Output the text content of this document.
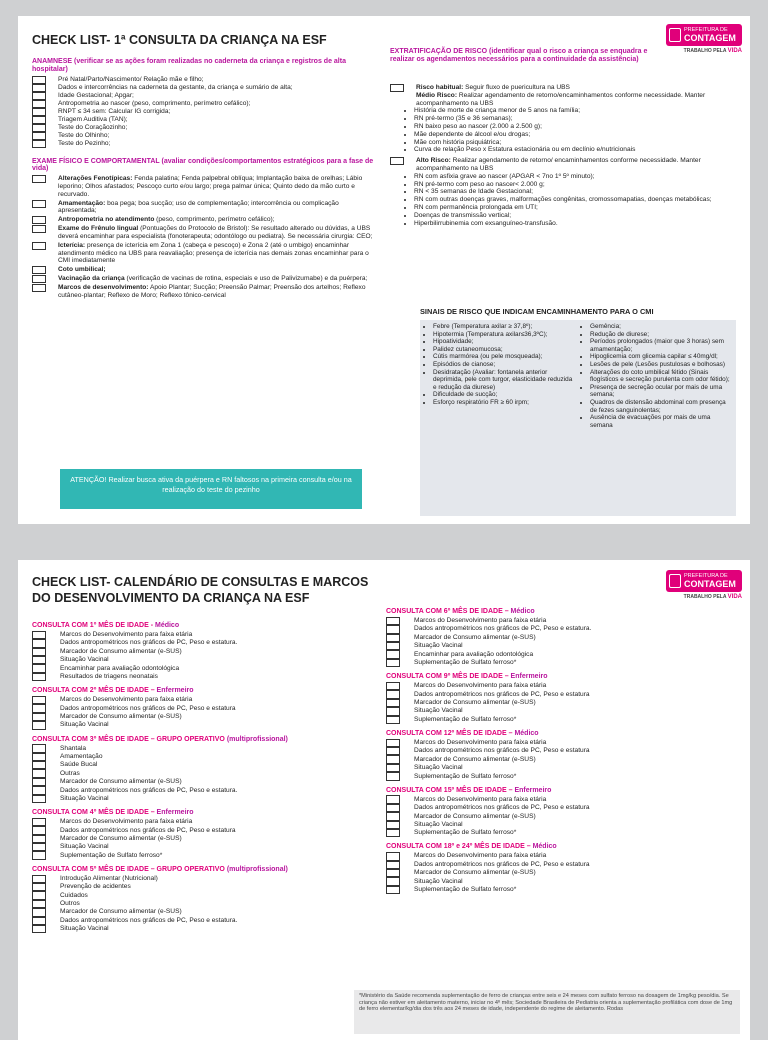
CHECK LIST- 1ª CONSULTA DA CRIANÇA NA ESF
PREFEITURA DE
CONTAGEM
TRABALHO PELA VIDA
ANAMNESE (verificar se as ações foram realizadas no caderneta da criança e registros de alta hospitalar)
Pré Natal/Parto/Nascimento/ Relação mãe e filho;
Dados e intercorrências na caderneta da gestante, da criança e sumário de alta;
Idade Gestacional; Apgar;
Antropometria ao nascer (peso, comprimento, perímetro cefálico);
RNPT ≤ 34 sem: Calcular IG corrigida;
Triagem Auditiva (TAN);
Teste do Coraçãozinho;
Teste do Olhinho;
Teste do Pezinho;
EXAME FÍSICO E COMPORTAMENTAL (avaliar condições/comportamentos estratégicos para a fase de vida)
Alterações Fenotípicas: Fenda palatina; Fenda palpebral oblíqua; Implantação baixa de orelhas; Lábio leporino; Olhos afastados; Pescoço curto e/ou largo; prega palmar única; Quinto dedo da mão curto e recurvado.
Amamentação: boa pega; boa sucção; uso de complementação; intercorrência ou complicação apresentada;
Antropometria no atendimento (peso, comprimento, perímetro cefálico);
Exame do Frênulo lingual (Pontuações do Protocolo de Bristol): Se resultado alterado ou dúvidas, a UBS deverá encaminhar para especialista (fonoterapeuta; odontólogo ou pediatra). Se necessária cirurgia: CEO;
Icterícia: presença de icterícia em Zona 1 (cabeça e pescoço) e Zona 2 (até o umbigo) encaminhar atendimento médico na UBS para reavaliação; presença de icterícia nas demais zonas encaminhar para o CMI imediatamente
Coto umbilical;
Vacinação da criança (verificação de vacinas de rotina, especiais e uso de Palivizumabe) e da puérpera;
Marcos de desenvolvimento: Apoio Plantar; Sucção; Preensão Palmar; Preensão dos artelhos; Reflexo cutâneo-plantar; Reflexo de Moro; Reflexo tônico-cervical
ATENÇÃO! Realizar busca ativa da puérpera e RN faltosos na primeira consulta e/ou na realização do teste do pezinho
EXTRATIFICAÇÃO DE RISCO (identificar qual o risco a criança se enquadra e realizar os agendamentos necessários para a continuidade da assistência)
Risco habitual: Seguir fluxo de puericultura na UBS
Médio Risco: Realizar agendamento de retorno/encaminhamentos conforme necessidade. Manter acompanhamento na UBS
• História de morte de criança menor de 5 anos na família;
• RN pré-termo (35 e 36 semanas);
• RN baixo peso ao nascer (2.000 a 2.500 g);
• Mãe dependente de álcool e/ou drogas;
• Mãe com história psiquiátrica;
• Curva de relação Peso x Estatura estacionária ou em declínio e/nutricionais
Alto Risco: Realizar agendamento de retorno/ encaminhamentos conforme necessidade. Manter acompanhamento na UBS
• RN com asfixia grave ao nascer (APGAR < 7no 1º 5º minuto);
• RN pré-termo com peso ao nascer< 2.000 g;
• RN < 35 semanas de Idade Gestacional;
• RN com outras doenças graves, malformações congênitas, cromossomapatias, doenças metabólicas;
• RN com permanência prolongada em UTI;
• Doenças de transmissão vertical;
• Hiperbilirrubinemia com exsanguíneo-transfusão.
SINAIS DE RISCO QUE INDICAM ENCAMINHAMENTO PARA O CMI
• Febre (Temperatura axilar ≥ 37,8º);
• Hipotermia (Temperatura axilar≤36,3ºC);
• Hipoatividade;
• Palidez cutaneomucosa;
• Cútis marmórea (ou pele mosqueada);
• Episódios de cianose;
• Desidratação (Avaliar: fontanela anterior deprimida, pele com turgor, elasticidade reduzida e redução da diurese)
• Dificuldade de sucção;
• Esforço respiratório FR ≥ 60 irpm;
• Gemência;
• Redução de diurese;
• Períodos prolongados (maior que 3 horas) sem amamentação;
• Hipoglicemia com glicemia capilar ≤ 40mg/dl;
• Lesões de pele (Lesões pustulosas e bolhosas)
• Alterações do coto umbilical fétido (Sinais flogísticos e secreção purulenta com odor fétido);
• Presença de secreção ocular por mais de uma semana;
• Quadros de distensão abdominal com presença de fezes sanguinolentas;
• Ausência de evacuações por mais de uma semana
CHECK LIST- CALENDÁRIO DE CONSULTAS E MARCOS DO DESENVOLVIMENTO DA CRIANÇA NA ESF
PREFEITURA DE
CONTAGEM
TRABALHO PELA VIDA
CONSULTA COM 1º MÊS DE IDADE - Médico
Marcos do Desenvolvimento para faixa etária
Dados antropométricos nos gráficos de PC, Peso e estatura.
Marcador de Consumo alimentar (e-SUS)
Situação Vacinal
Encaminhar para avaliação odontológica
Resultados de triagens neonatais
CONSULTA COM 2º MÊS DE IDADE – Enfermeiro
Marcos do Desenvolvimento para faixa etária
Dados antropométricos nos gráficos de PC, Peso e estatura
Marcador de Consumo alimentar (e-SUS)
Situação Vacinal
CONSULTA COM 3º MÊS DE IDADE – GRUPO OPERATIVO (multiprofissional)
Shantala
Amamentação
Saúde Bucal
Outras
Marcador de Consumo alimentar (e-SUS)
Dados antropométricos nos gráficos de PC, Peso e estatura.
Situação Vacinal
CONSULTA COM 4º MÊS DE IDADE – Enfermeiro
Marcos do Desenvolvimento para faixa etária
Dados antropométricos nos gráficos de PC, Peso e estatura
Marcador de Consumo alimentar (e-SUS)
Situação Vacinal
Suplementação de Sulfato ferroso*
CONSULTA COM 5º MÊS DE IDADE – GRUPO OPERATIVO (multiprofissional)
Introdução Alimentar (Nutricional)
Prevenção de acidentes
Cuidados
Outros
Marcador de Consumo alimentar (e-SUS)
Dados antropométricos nos gráficos de PC, Peso e estatura.
Situação Vacinal
CONSULTA COM 6º MÊS DE IDADE – Médico
Marcos do Desenvolvimento para faixa etária
Dados antropométricos nos gráficos de PC, Peso e estatura.
Marcador de Consumo alimentar (e-SUS)
Situação Vacinal
Encaminhar para avaliação odontológica
Suplementação de Sulfato ferroso*
CONSULTA COM 9º MÊS DE IDADE – Enfermeiro
Marcos do Desenvolvimento para faixa etária
Dados antropométricos nos gráficos de PC, Peso e estatura
Marcador de Consumo alimentar (e-SUS)
Situação Vacinal
Suplementação de Sulfato ferroso*
CONSULTA COM 12º MÊS DE IDADE – Médico
Marcos do Desenvolvimento para faixa etária
Dados antropométricos nos gráficos de PC, Peso e estatura
Marcador de Consumo alimentar (e-SUS)
Situação Vacinal
Suplementação de Sulfato ferroso*
CONSULTA COM 15º MÊS DE IDADE – Enfermeiro
Marcos do Desenvolvimento para faixa etária
Dados antropométricos nos gráficos de PC, Peso e estatura
Marcador de Consumo alimentar (e-SUS)
Situação Vacinal
Suplementação de Sulfato ferroso*
CONSULTA COM 18º e 24º MÊS DE IDADE – Médico
Marcos do Desenvolvimento para faixa etária
Dados antropométricos nos gráficos de PC, Peso e estatura
Marcador de Consumo alimentar (e-SUS)
Situação Vacinal
Suplementação de Sulfato ferroso*
*Ministério da Saúde recomenda suplementação de ferro de crianças entre seis e 24 meses com sulfato ferroso na dosagem de 1mg/kg peso/dia. Se criança não estiver em aleitamento materno, iniciar no 4º mês; Sociedade Brasileira de Pediatria orienta a suplementação profilática com dose de 1mg de ferro elementar/kg/dia dos três aos 24 meses de idade, independente do regime de aleitamento. Rodas
